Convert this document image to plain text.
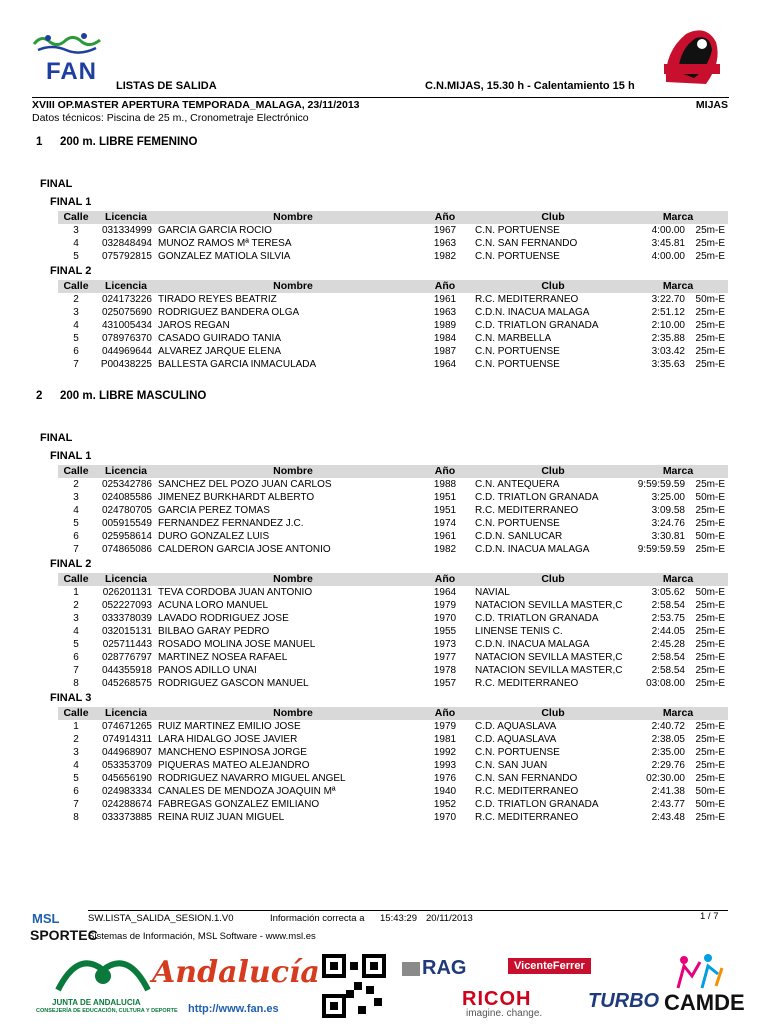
FAN
LISTAS DE SALIDA	C.N.MIJAS, 15.30 h - Calentamiento 15 h
XVIII OP.MASTER APERTURA TEMPORADA_MALAGA, 23/11/2013	MIJAS
Datos técnicos: Piscina de 25 m., Cronometraje Electrónico
1 200 m. LIBRE FEMENINO
FINAL
FINAL 1
Calle	Licencia	Nombre	Año	Club	Marca
3	031334999 GARCIA GARCIA ROCIO	1967	C.N. PORTUENSE	4:00.00	25m-E
4	032848494 MUNOZ RAMOS Mª TERESA	1963	C.N. SAN FERNANDO	3:45.81	25m-E
5	075792815 GONZALEZ MATIOLA SILVIA	1982	C.N. PORTUENSE	4:00.00	25m-E
FINAL 2
Calle	Licencia	Nombre	Año	Club	Marca
2	024173226 TIRADO REYES BEATRIZ	1961	R.C. MEDITERRANEO	3:22.70	50m-E
3	025075690 RODRIGUEZ BANDERA OLGA	1963	C.D.N. INACUA MALAGA	2:51.12	25m-E
4	431005434 JAROS REGAN	1989	C.D. TRIATLON GRANADA	2:10.00	25m-E
5	078976370 CASADO GUIRADO TANIA	1984	C.N. MARBELLA	2:35.88	25m-E
6	044969644 ALVAREZ JARQUE ELENA	1987	C.N. PORTUENSE	3:03.42	25m-E
7	P00438225 BALLESTA GARCIA INMACULADA	1964	C.N. PORTUENSE	3:35.63	25m-E
2 200 m. LIBRE MASCULINO
FINAL
FINAL 1
Calle	Licencia	Nombre	Año	Club	Marca
2	025342786 SANCHEZ DEL POZO JUAN CARLOS	1988	C.N. ANTEQUERA	9:59:59.59	25m-E
3	024085586 JIMENEZ BURKHARDT ALBERTO	1951	C.D. TRIATLON GRANADA	3:25.00	50m-E
4	024780705 GARCIA PEREZ TOMAS	1951	R.C. MEDITERRANEO	3:09.58	25m-E
5	005915549 FERNANDEZ FERNANDEZ J.C.	1974	C.N. PORTUENSE	3:24.76	25m-E
6	025958614 DURO GONZALEZ LUIS	1961	C.D.N. SANLUCAR	3:30.81	50m-E
7	074865086 CALDERON GARCIA JOSE ANTONIO	1982	C.D.N. INACUA MALAGA	9:59:59.59	25m-E
FINAL 2
Calle	Licencia	Nombre	Año	Club	Marca
1	026201131 TEVA CORDOBA JUAN ANTONIO	1964	NAVIAL	3:05.62	50m-E
2	052227093 ACUNA LORO MANUEL	1979	NATACION SEVILLA MASTER,C	2:58.54	25m-E
3	033378039 LAVADO RODRIGUEZ JOSE	1970	C.D. TRIATLON GRANADA	2:53.75	25m-E
4	032015131 BILBAO GARAY PEDRO	1955	LINENSE TENIS C.	2:44.05	25m-E
5	025711443 ROSADO MOLINA JOSE MANUEL	1973	C.D.N. INACUA MALAGA	2:45.28	25m-E
6	028776797 MARTINEZ NOSEA RAFAEL	1977	NATACION SEVILLA MASTER,C	2:58.54	25m-E
7	044355918 PANOS ADILLO UNAI	1978	NATACION SEVILLA MASTER,C	2:58.54	25m-E
8	045268575 RODRIGUEZ GASCON MANUEL	1957	R.C. MEDITERRANEO	03:08.00	25m-E
FINAL 3
Calle	Licencia	Nombre	Año	Club	Marca
1	074671265 RUIZ MARTINEZ EMILIO JOSE	1979	C.D. AQUASLAVA	2:40.72	25m-E
2	074914311 LARA HIDALGO JOSE JAVIER	1981	C.D. AQUASLAVA	2:38.05	25m-E
3	044968907 MANCHENO ESPINOSA JORGE	1992	C.N. PORTUENSE	2:35.00	25m-E
4	053353709 PIQUERAS MATEO ALEJANDRO	1993	C.N. SAN JUAN	2:29.76	25m-E
5	045656190 RODRIGUEZ NAVARRO MIGUEL ANGEL	1976	C.N. SAN FERNANDO	02:30.00	25m-E
6	024983334 CANALES DE MENDOZA JOAQUIN Mª	1940	R.C. MEDITERRANEO	2:41.38	50m-E
7	024288674 FABREGAS GONZALEZ EMILIANO	1952	C.D. TRIATLON GRANADA	2:43.77	50m-E
8	033373885 REINA RUIZ JUAN MIGUEL	1970	R.C. MEDITERRANEO	2:43.48	25m-E
MSL
SPORTEC
SW.LISTA_SALIDA_SESION.1.V0	Información correcta a 15:43:29 20/11/2013	1 / 7
Sistemas de Información, MSL Software - www.msl.es
JUNTA DE ANDALUCIA
CONSEJERÍA DE EDUCACIÓN, CULTURA Y DEPORTE
Andalucía
http://www.fan.es
RAG	VicenteFerrer
RICOH
imagine. change.
TURBO CAMDE
